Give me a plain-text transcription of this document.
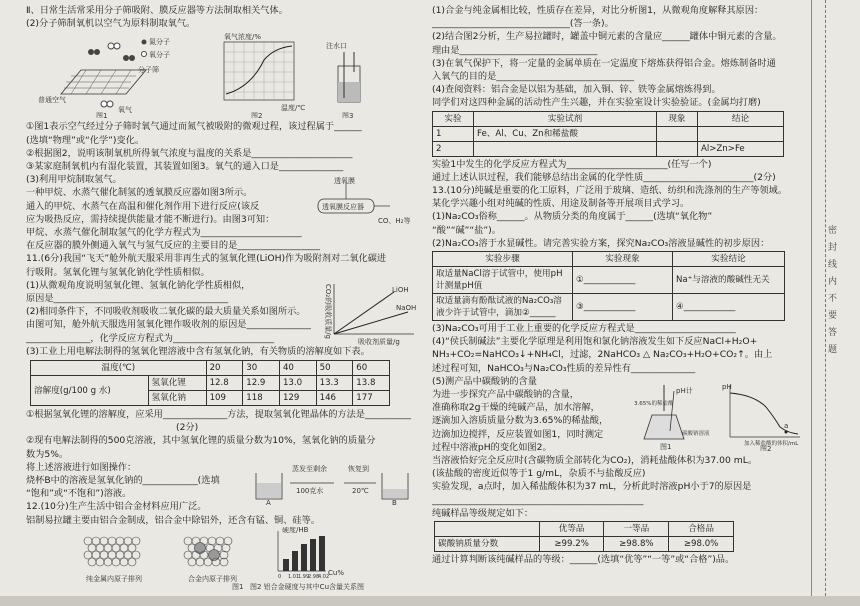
Ⅱ、日常生活常采用分子筛吸附、膜反应器等方法制取相关气体。

(2)分子筛制氧机以空气为原料制取氧气。

氮分子
氧分子
分子筛
普通空气
氧气
图1
氧气浓度/%
温度/℃
图2
注水口
图3

①图1表示空气经过分子筛时氧气通过而氮气被吸附的微观过程，该过程属于______

(选填“物理”或“化学”)变化。

②根据图2，说明该制氧机所得氧气浓度与温度的关系是______________________

③某家庭制氧机内有湿化装置，其装置如图3。氧气的通入口是______________

(3)利用甲烷制取氢气。

一种甲烷、水蒸气催化制氢的透氧膜反应器如图3所示。

通入的甲烷、水蒸气在高温和催化剂作用下进行反应(该反

应为吸热反应，需持续提供能量才能不断进行)。由图3可知：

甲烷、水蒸气催化制取氢气的化学方程式为______________________

在反应器的膜外侧通入氧气与氢气反应的主要目的是__________________

透氧膜反应器
透氧膜
CO、H₂等

11.(6分)我国“飞天”舱外航天服采用非再生式的氢氧化锂(LiOH)作为吸附剂对二氧化碳进

行吸附。氢氧化锂与氢氧化钠化学性质相似。

(1)从微观角度说明氢氧化锂、氢氧化钠化学性质相似，

原因是______________________________________

(2)相同条件下，不同吸收剂吸收二氧化碳的最大质量关系如图所示。

由图可知，舱外航天服选用氢氧化锂作吸收剂的原因是______________

______________，化学反应方程式为______________________

(3)工业上用电解法制得的氢氧化锂溶液中含有氢氧化钠，有关物质的溶解度如下表。

LiOH
NaOH
CO₂的吸收质量/g
吸收剂质量/g
温度(℃)		20	30	40	50	60
溶解度(g/100 g 水)	氢氧化锂	12.8	12.9	13.0	13.3	13.8
	氢氧化钠	109	118	129	146	177

①根据氢氧化锂的溶解度，应采用______________方法，提取氢氧化锂晶体的方法是__________

(2分)

②现有电解法制得的500克溶液，其中氢氧化锂的质量分数为10%，氢氧化钠的质量分

数为5%。

将上述溶液进行如图操作：

烧杯B中的溶液是氢氧化钠的____________(选填

“饱和”或“不饱和”)溶液。

蒸发至剩余
100克水
恢复到
20℃
A	B

12.(10分)生产生活中铝合金材料应用广泛。

铝制易拉罐主要由铝合金制成，铝合金中除铝外，还含有锰、铜、硅等。

硬度/HB
Cu%
0 1.01
1.99
2.98
4.02
纯金属内原子排列	合金内原子排列
图1 图2 铝合金硬度与其中Cu含量关系图

(1)合金与纯金属相比较，性质存在差异，对比分析图1，从微观角度解释其原因：

______________________________(答一条)。

(2)结合图2分析，生产易拉罐时，罐盖中铜元素的含量应______罐体中铜元素的含量。

理由是______________________________

(3)在氧气保护下，将一定量的金属单质在一定温度下熔炼获得铝合金。熔炼制备时通

入氧气的目的是______________________________

(4)查阅资料：铝合金是以铝为基础，加入铜、锌、铁等金属熔炼得到。

同学们对这四种金属的活动性产生兴趣，并在实验室设计实验验证。(金属均打磨)

实验	实验试剂	现象	结论
1	Fe、Al、Cu、Zn和稀盐酸		
2			Al>Zn>Fe

实验1中发生的化学反应方程式为______________________(任写一个)

通过上述认识过程，我们能够总结出金属的化学性质________________________(2分)

13.(10分)纯碱是重要的化工原料，广泛用于玻璃、造纸、纺织和洗涤剂的生产等领域。

某化学兴趣小组对纯碱的性质、用途及制备等开展项目式学习。

(1)Na₂CO₃俗称______。从物质分类的角度属于______(选填“氧化物”

“酸”“碱”“盐”)。

(2)Na₂CO₃溶于水显碱性。请完善实验方案，探究Na₂CO₃溶液显碱性的初步原因：

实验步骤	实验现象	实验结论
取适量NaCl溶于试管中，使用pH计测量pH值	①____________	Na⁺与溶液的酸碱性无关
取适量滴有酚酞试液的Na₂CO₃溶液少许于试管中，滴加②______	③____________	④____________

(3)Na₂CO₃可用于工业上重要的化学反应方程式是______________________

(4)“侯氏制碱法”主要化学原理是利用饱和氯化钠溶液发生如下反应NaCl+H₂O+

NH₃+CO₂=NaHCO₃↓+NH₄Cl，过滤，2NaHCO₃ △ Na₂CO₃+H₂O+CO₂↑。由上

述过程可知，NaHCO₃与Na₂CO₃性质的差异性有______________

(5)测产品中碳酸钠的含量

为进一步探究产品中碳酸钠的含量，

准确称取2g干燥的纯碱产品，加水溶解，

逐滴加入溶质质量分数为3.65%的稀盐酸，

边滴加边搅拌，反应装置如图1，同时测定

过程中溶液pH的变化如图2。

pH计
3.65%的稀盐酸
碳酸钠溶液
图1
a
pH
加入稀盐酸的体积/mL
图2

当溶液恰好完全反应时(含碳物质全部转化为CO₂)，消耗盐酸体积为37.00 mL。

(该盐酸的密度近似等于1 g/mL，杂质不与盐酸反应)

实验发现，a点时，加入稀盐酸体积为37 mL，分析此时溶液pH小于7的原因是

______________________________________________

纯碱样品等级规定如下：

	优等品	一等品	合格品
碳酸钠质量分数	≥99.2%	≥98.8%	≥98.0%

通过计算判断该纯碱样品的等级：______(选填“优等”“一等”或“合格”)品。

密封线内不要答题
